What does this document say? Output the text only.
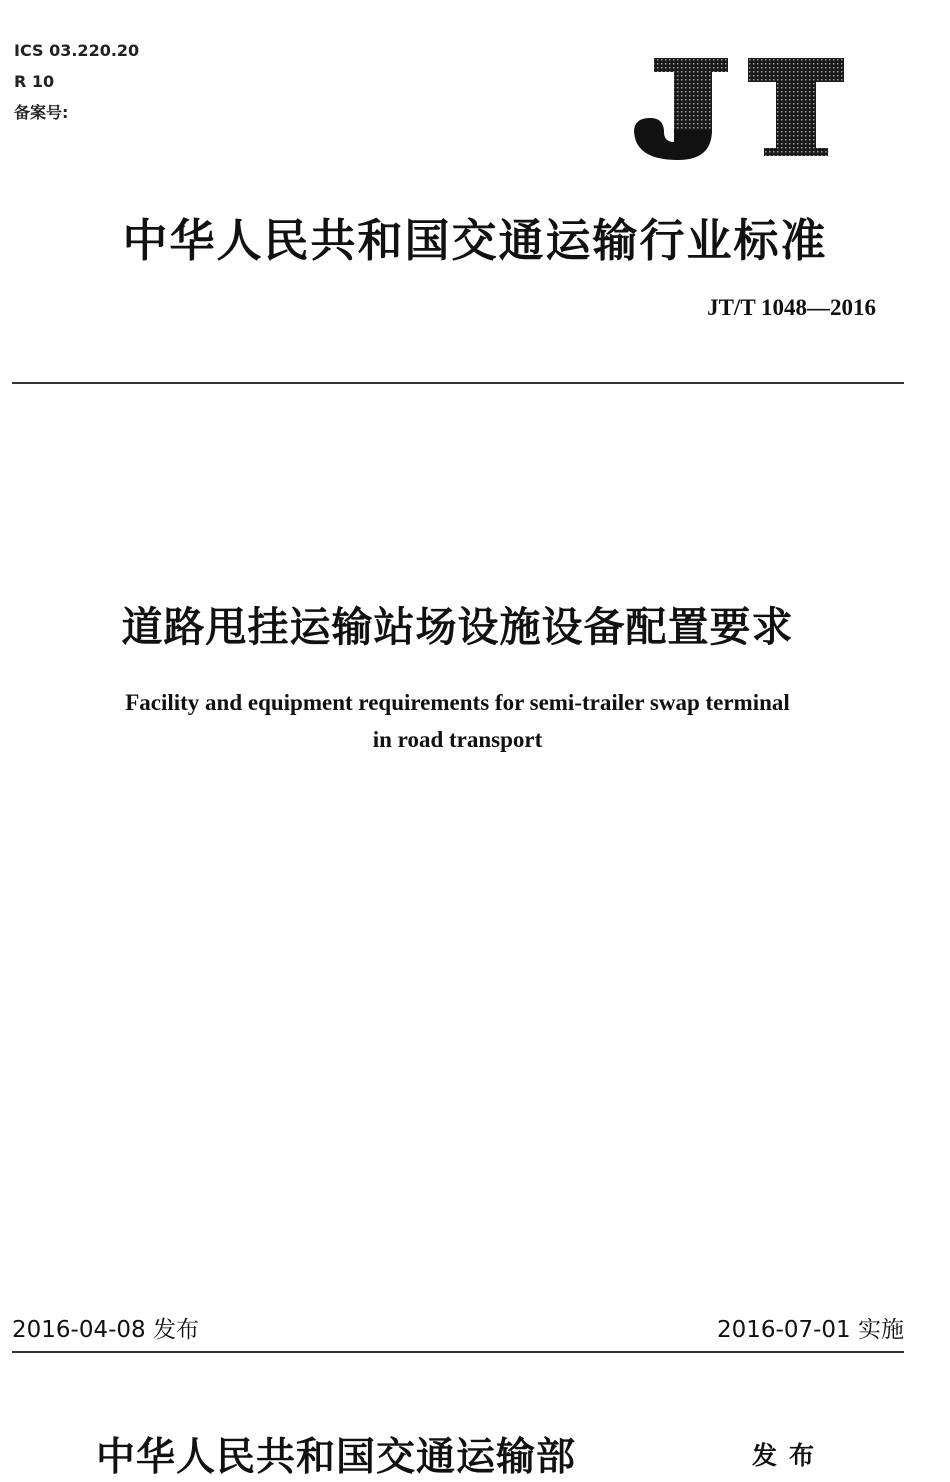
ICS 03.220.20
R 10
备案号:
中华人民共和国交通运输行业标准
JT/T 1048—2016
道路甩挂运输站场设施设备配置要求
Facility and equipment requirements for semi-trailer swap terminal
in road transport
2016-04-08 发布	2016-07-01 实施
中华人民共和国交通运输部	发布
